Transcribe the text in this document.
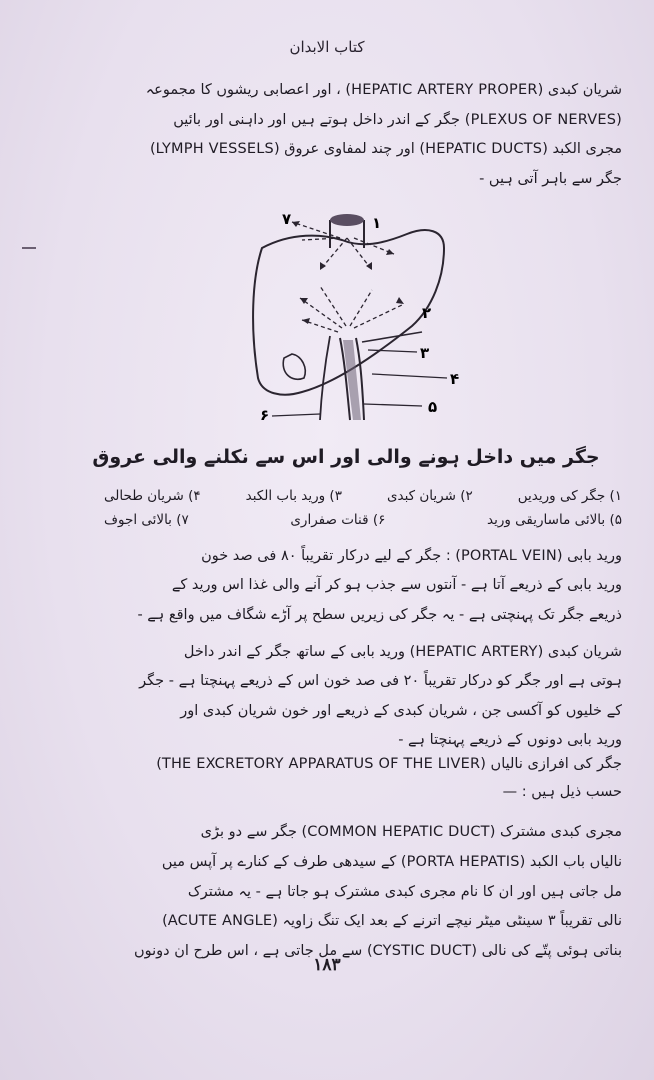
كتاب الابدان
شریان کبدی (HEPATIC ARTERY PROPER) ، اور اعصابی ریشوں کا مجموعہ
(PLEXUS OF NERVES) جگر کے اندر داخل ہوتے ہیں اور داہنی اور بائیں
مجری الکبد (HEPATIC DUCTS) اور چند لمفاوی عروق (LYMPH VESSELS)
جگر سے باہر آتی ہیں -
۱
۲
۳
۴
۵
۶
۷
جگر میں داخل ہونے والی اور اس سے نکلنے والی عروق
۱) جگر کی وریدیں
۲) شریان کبدی
۳) ورید باب الکبد
۴) شریان طحالی
۵) بالائی ماساریقی ورید
۶) قنات صفراری
۷) بالائی اجوف
ورید بابی (PORTAL VEIN) : جگر کے لیے درکار تقریباً ۸۰ فی صد خون
ورید بابی کے ذریعے آتا ہے - آنتوں سے جذب ہو کر آنے والی غذا اس ورید کے
ذریعے جگر تک پہنچتی ہے - یہ جگر کی زیریں سطح پر آڑے شگاف میں واقع ہے -
شریان کبدی (HEPATIC ARTERY) ورید بابی کے ساتھ جگر کے اندر داخل
ہوتی ہے اور جگر کو درکار تقریباً ۲۰ فی صد خون اس کے ذریعے پہنچتا ہے - جگر
کے خلیوں کو آکسی جن ، شریان کبدی کے ذریعے اور خون شریان کبدی اور
ورید بابی دونوں کے ذریعے پہنچتا ہے -
جگر کی افرازی نالیاں (THE EXCRETORY APPARATUS OF THE LIVER)
حسب ذیل ہیں : —
مجری کبدی مشترک (COMMON HEPATIC DUCT) جگر سے دو بڑی
نالیاں باب الکبد (PORTA HEPATIS) کے سیدھی طرف کے کنارے پر آپس میں
مل جاتی ہیں اور ان کا نام مجری کبدی مشترک ہو جاتا ہے - یہ مشترک
نالی تقریباً ۳ سینٹی میٹر نیچے اترنے کے بعد ایک تنگ زاویہ (ACUTE ANGLE)
بناتی ہوئی پتّے کی نالی (CYSTIC DUCT) سے مل جاتی ہے ، اس طرح ان دونوں
۱۸۳
